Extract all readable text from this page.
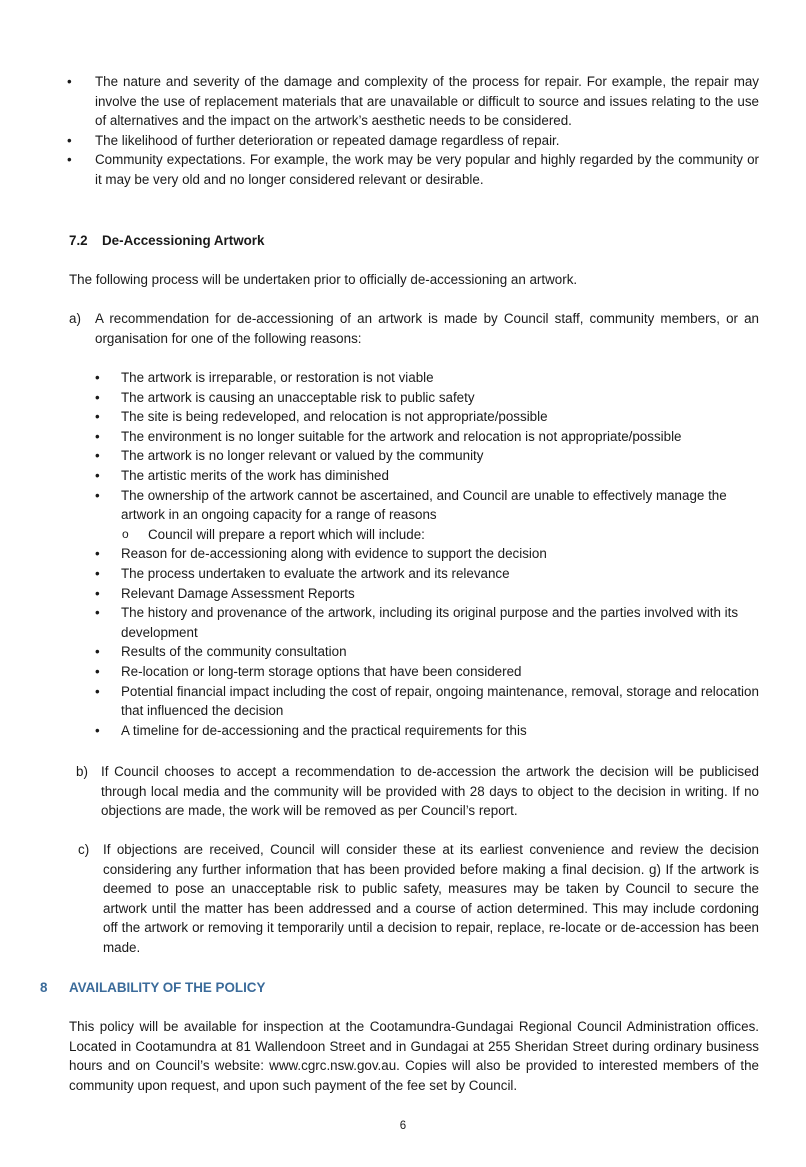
• The nature and severity of the damage and complexity of the process for repair. For example, the repair may involve the use of replacement materials that are unavailable or difficult to source and issues relating to the use of alternatives and the impact on the artwork’s aesthetic needs to be considered.
• The likelihood of further deterioration or repeated damage regardless of repair.
• Community expectations. For example, the work may be very popular and highly regarded by the community or it may be very old and no longer considered relevant or desirable.
7.2	De-Accessioning Artwork
The following process will be undertaken prior to officially de-accessioning an artwork.
a) A recommendation for de-accessioning of an artwork is made by Council staff, community members, or an organisation for one of the following reasons:
• The artwork is irreparable, or restoration is not viable
• The artwork is causing an unacceptable risk to public safety
• The site is being redeveloped, and relocation is not appropriate/possible
• The environment is no longer suitable for the artwork and relocation is not appropriate/possible
• The artwork is no longer relevant or valued by the community
• The artistic merits of the work has diminished
• The ownership of the artwork cannot be ascertained, and Council are unable to effectively manage the artwork in an ongoing capacity for a range of reasons
o Council will prepare a report which will include:
• Reason for de-accessioning along with evidence to support the decision
• The process undertaken to evaluate the artwork and its relevance
• Relevant Damage Assessment Reports
• The history and provenance of the artwork, including its original purpose and the parties involved with its development
• Results of the community consultation
• Re-location or long-term storage options that have been considered
• Potential financial impact including the cost of repair, ongoing maintenance, removal, storage and relocation that influenced the decision
• A timeline for de-accessioning and the practical requirements for this
b) If Council chooses to accept a recommendation to de-accession the artwork the decision will be publicised through local media and the community will be provided with 28 days to object to the decision in writing. If no objections are made, the work will be removed as per Council’s report.
c) If objections are received, Council will consider these at its earliest convenience and review the decision considering any further information that has been provided before making a final decision. g) If the artwork is deemed to pose an unacceptable risk to public safety, measures may be taken by Council to secure the artwork until the matter has been addressed and a course of action determined. This may include cordoning off the artwork or removing it temporarily until a decision to repair, replace, re-locate or de-accession has been made.
8	AVAILABILITY OF THE POLICY
This policy will be available for inspection at the Cootamundra-Gundagai Regional Council Administration offices. Located in Cootamundra at 81 Wallendoon Street and in Gundagai at 255 Sheridan Street during ordinary business hours and on Council’s website: www.cgrc.nsw.gov.au. Copies will also be provided to interested members of the community upon request, and upon such payment of the fee set by Council.
6
